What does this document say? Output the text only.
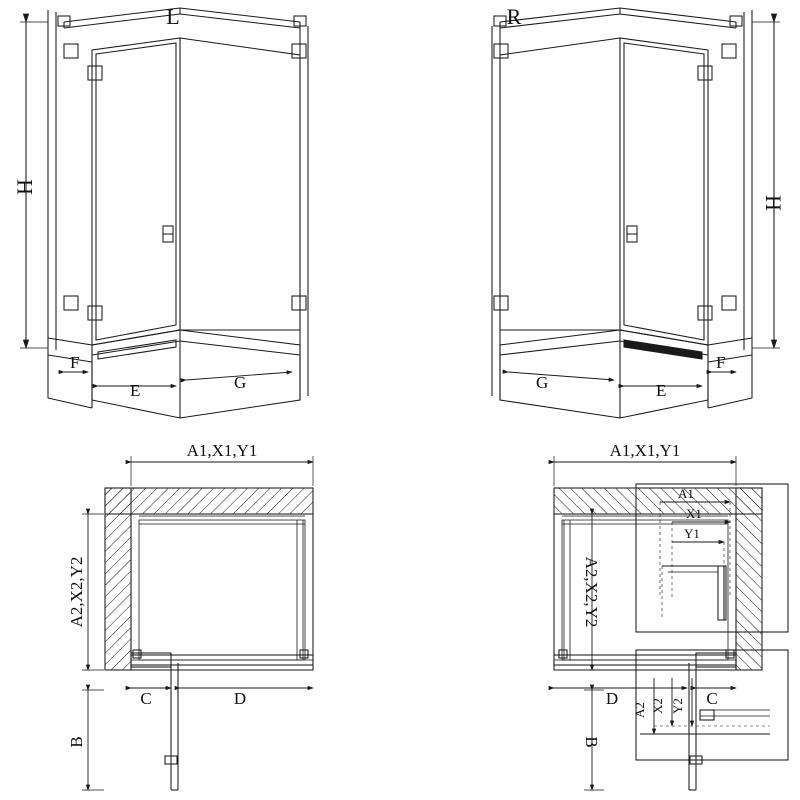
H
F
E	G
L
H
F
E
G
R
A1,X1,Y1
A2,X2,Y2
C	D
B
A1,X1,Y1
A2,X2,Y2
D	C
B
A1
X1
Y1
A2 X2 Y2
